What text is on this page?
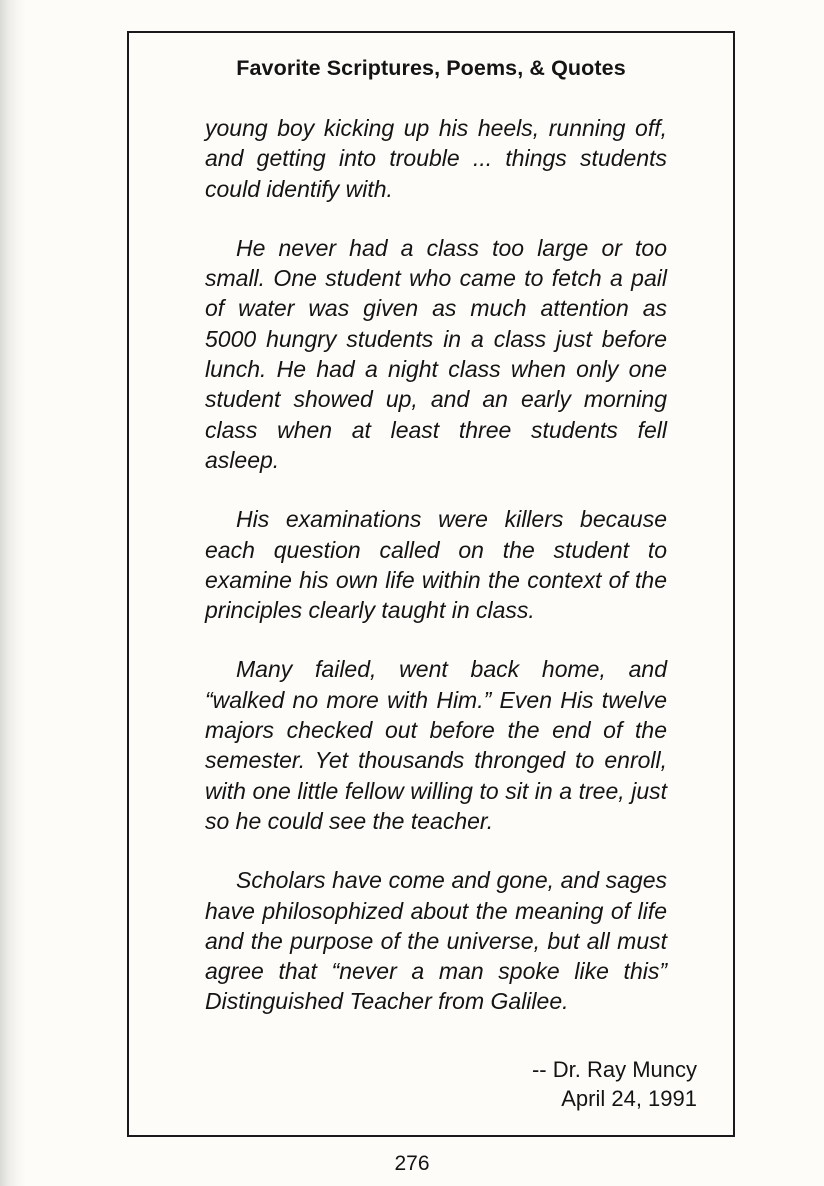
Favorite Scriptures, Poems, & Quotes

young boy kicking up his heels, running off, and getting into trouble ... things students could identify with.

He never had a class too large or too small. One student who came to fetch a pail of water was given as much attention as 5000 hungry students in a class just before lunch. He had a night class when only one student showed up, and an early morning class when at least three students fell asleep.

His examinations were killers because each question called on the student to examine his own life within the context of the principles clearly taught in class.

Many failed, went back home, and “walked no more with Him.” Even His twelve majors checked out before the end of the semester. Yet thousands thronged to enroll, with one little fellow willing to sit in a tree, just so he could see the teacher.

Scholars have come and gone, and sages have philosophized about the meaning of life and the purpose of the universe, but all must agree that “never a man spoke like this” Distinguished Teacher from Galilee.

-- Dr. Ray Muncy
April 24, 1991
276
